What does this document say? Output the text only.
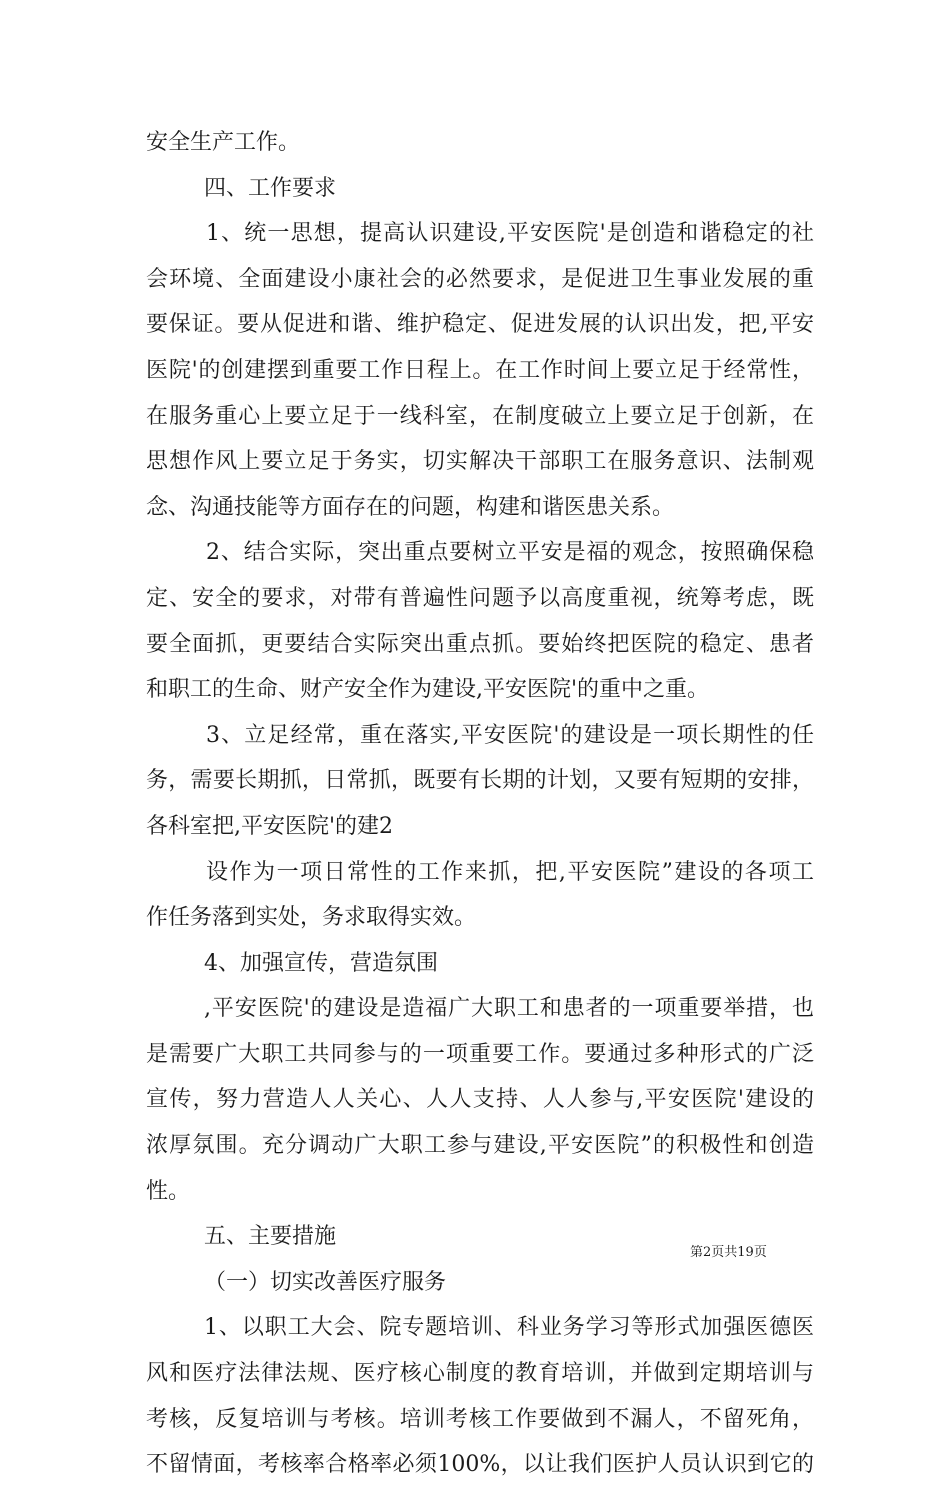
安全生产工作。
四、工作要求
1、统一思想，提高认识建设,平安医院'是创造和谐稳定的社
会环境、全面建设小康社会的必然要求，是促进卫生事业发展的重
要保证。要从促进和谐、维护稳定、促进发展的认识出发，把,平安
医院'的创建摆到重要工作日程上。在工作时间上要立足于经常性，
在服务重心上要立足于一线科室，在制度破立上要立足于创新，在
思想作风上要立足于务实，切实解决干部职工在服务意识、法制观
念、沟通技能等方面存在的问题，构建和谐医患关系。
2、结合实际，突出重点要树立平安是福的观念，按照确保稳
定、安全的要求，对带有普遍性问题予以高度重视，统筹考虑，既
要全面抓，更要结合实际突出重点抓。要始终把医院的稳定、患者
和职工的生命、财产安全作为建设,平安医院'的重中之重。
3、立足经常，重在落实,平安医院'的建设是一项长期性的任
务，需要长期抓，日常抓，既要有长期的计划，又要有短期的安排，
各科室把,平安医院'的建2
设作为一项日常性的工作来抓，把,平安医院”建设的各项工
作任务落到实处，务求取得实效。
4、加强宣传，营造氛围
,平安医院'的建设是造福广大职工和患者的一项重要举措，也
是需要广大职工共同参与的一项重要工作。要通过多种形式的广泛
宣传，努力营造人人关心、人人支持、人人参与,平安医院'建设的
浓厚氛围。充分调动广大职工参与建设,平安医院”的积极性和创造
性。
五、主要措施
（一）切实改善医疗服务
1、以职工大会、院专题培训、科业务学习等形式加强医德医
风和医疗法律法规、医疗核心制度的教育培训，并做到定期培训与
考核，反复培训与考核。培训考核工作要做到不漏人，不留死角，
不留情面，考核率合格率必须100%，以让我们医护人员认识到它的
第2页共19页
